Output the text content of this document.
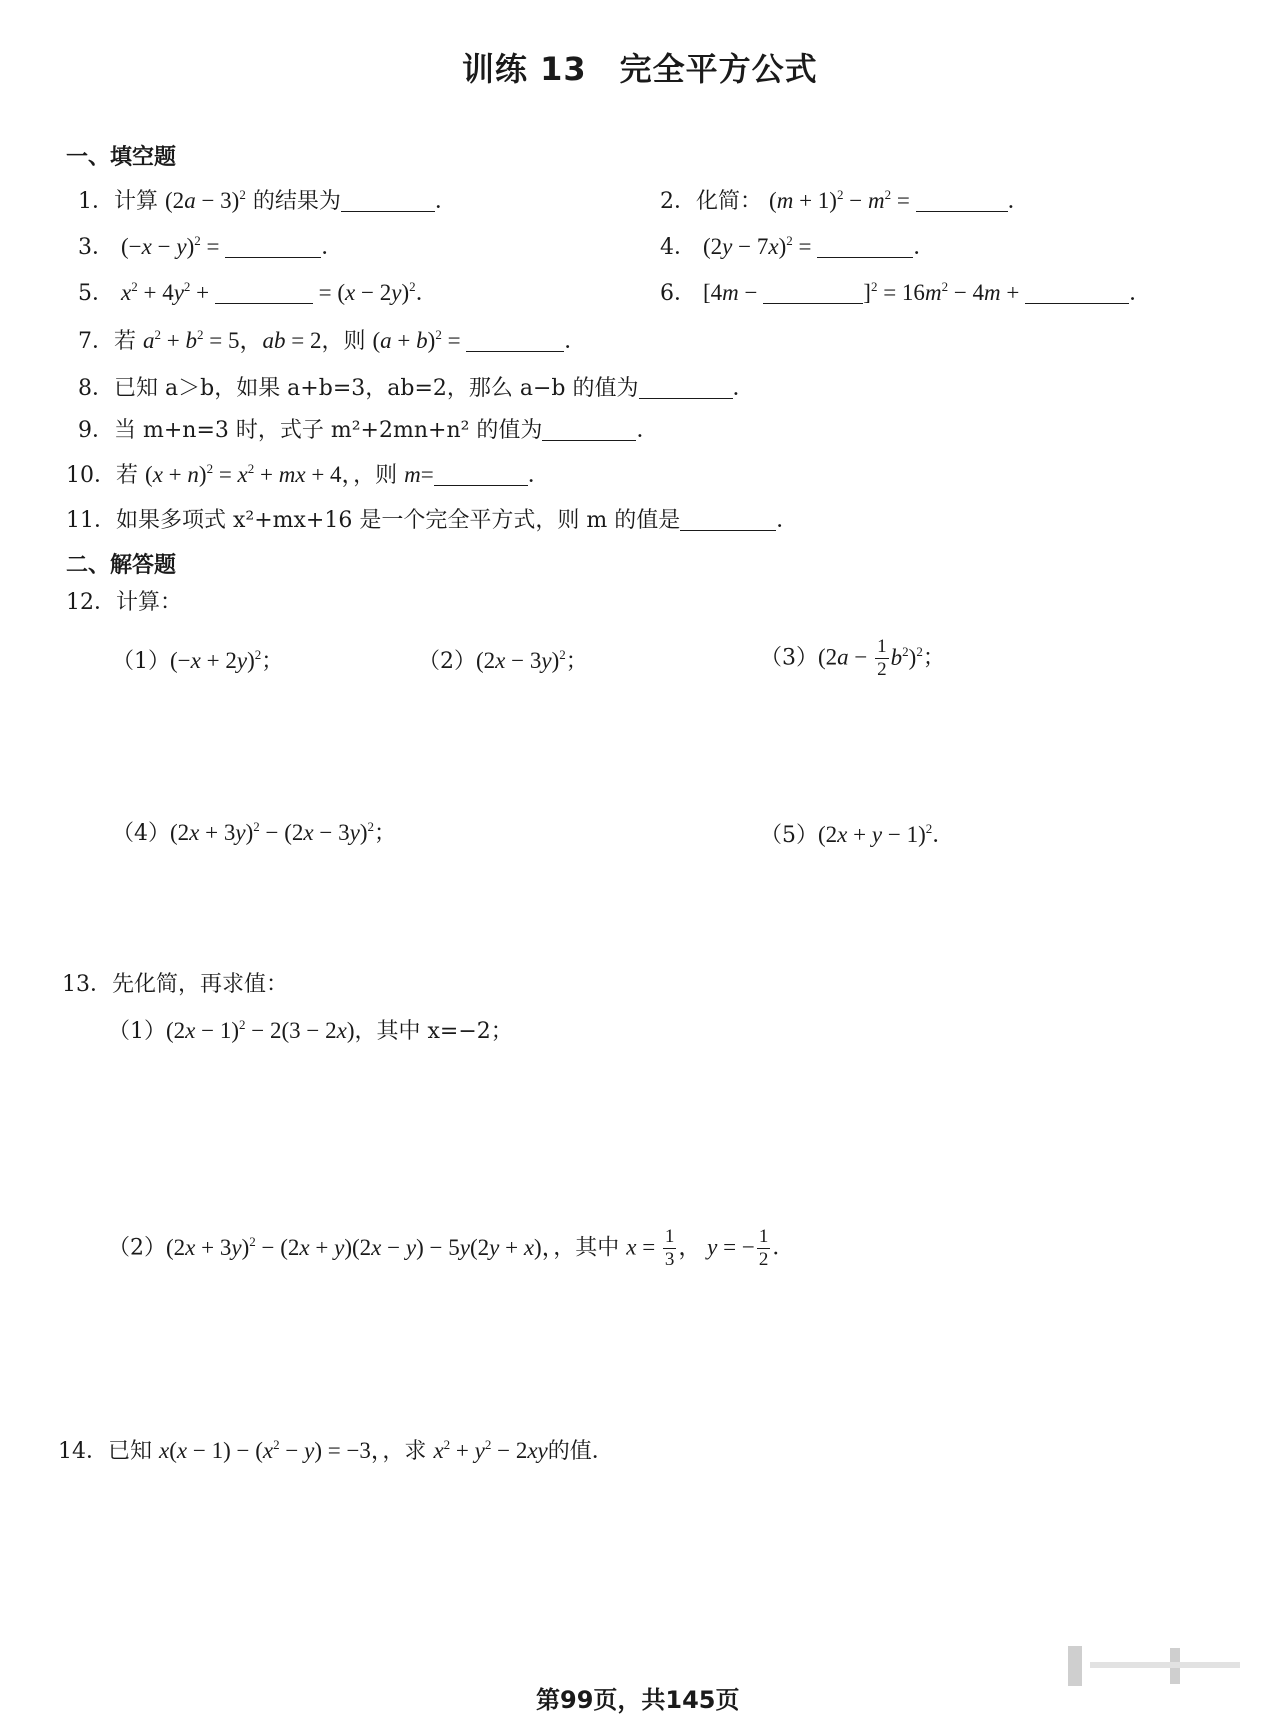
训练 13　完全平方公式
一、填空题
1．计算 $(2a - 3)^2$ 的结果为	．	2．化简： $(m + 1)^2 - m^2$ =	．
3． $(-x - y)^2$ =	．	4． $(2y - 7x)^2$ =	．
5． $x^2 + 4y^2$ +	= $(x - 2y)^2$．	6． [4m −	]$^2 = 16m^2 - 4m$ +	．
7．若 $a^2 + b^2 = 5$，ab = 2，则 $(a + b)^2$ =	．
8．已知 a＞b，如果 a+b=3，ab=2，那么 a−b 的值为	．
9．当 m+n=3 时，式子 m²+2mn+n² 的值为	．
10．若 $(x + n)^2 = x^2$ + mx + 4，，则 m=	．
11．如果多项式 x²+mx+16 是一个完全平方式，则 m 的值是	．
二、解答题
12．计算：
$(1)(-x + 2y)^2$；	$(2)(2x - 3y)^2$；	$(3)(2a - \frac{1}{2} b^2)^2$；
$(4)(2x + 3y)^2 - (2x - 3y)^2$；	$(5)(2x + y - 1)^2$．
13．先化简，再求值：
$(1)(2x - 1)^2 - 2(3 - 2x)$，其中 x=−2；
$(2)(2x + 3y)^2 - (2x + y)(2x - y) - 5y(2y + x)$，，其中 $x = \frac{1}{3}$ ， y = − $\frac{1}{2}$ ．
14．已知 $x(x - 1) - (x^2 - y) = -3$，，求 $x^2 + y^2 - 2xy$的值．
第99页，共145页
